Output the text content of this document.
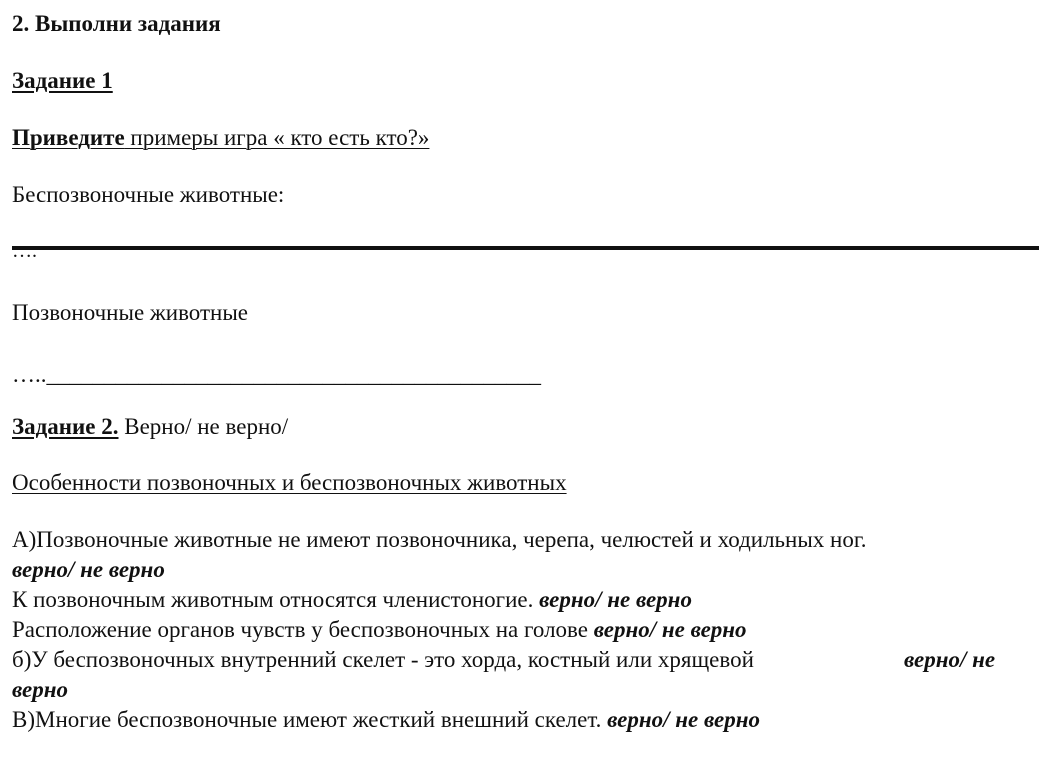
2. Выполни задания
Задание 1
Приведите примеры игра « кто есть кто?»
Беспозвоночные животные:
….
Позвоночные животные
…..___________________________________________
Задание 2. Верно/ не верно/
Особенности позвоночных и беспозвоночных животных
А)Позвоночные животные не имеют позвоночника, черепа, челюстей и ходильных ног.
верно/ не верно
К позвоночным животным относятся членистоногие. верно/ не верно
Расположение органов чувств у беспозвоночных на голове верно/ не верно
б)У беспозвоночных внутренний скелет - это хорда, костный или хрящевой	верно/ не
верно
В)Многие беспозвоночные имеют жесткий внешний скелет. верно/ не верно
